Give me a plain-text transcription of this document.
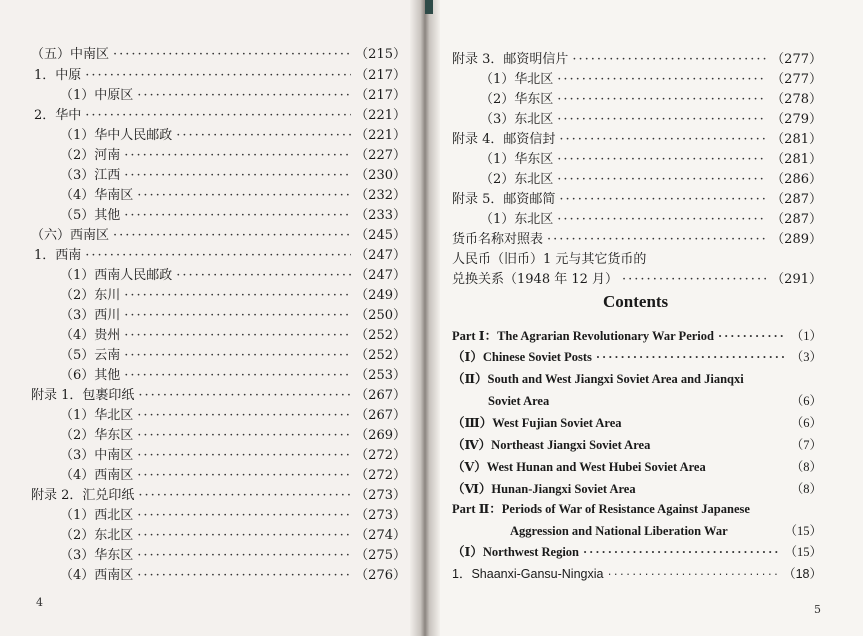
（五）中南区 ·····	（215）
1．中原 ·····	（217）
（1）中原区 ·····	（217）
2．华中 ·····	（221）
（1）华中人民邮政 ·····	（221）
（2）河南 ·····	（227）
（3）江西 ·····	（230）
（4）华南区 ·····	（232）
（5）其他 ·····	（233）
（六）西南区 ·····	（245）
1．西南 ·····	（247）
（1）西南人民邮政 ·····	（247）
（2）东川 ·····	（249）
（3）西川 ·····	（250）
（4）贵州 ·····	（252）
（5）云南 ·····	（252）
（6）其他 ·····	（253）
附录 1．包裹印纸 ·····	（267）
（1）华北区 ·····	（267）
（2）华东区 ·····	（269）
（3）中南区 ·····	（272）
（4）西南区 ·····	（272）
附录 2．汇兑印纸 ·····	（273）
（1）西北区 ·····	（273）
（2）东北区 ·····	（274）
（3）华东区 ·····	（275）
（4）西南区 ·····	（276）
4
附录 3．邮资明信片 ·····	（277）
（1）华北区 ·····	（277）
（2）华东区 ·····	（278）
（3）东北区 ·····	（279）
附录 4．邮资信封 ·····	（281）
（1）华东区 ·····	（281）
（2）东北区 ·····	（286）
附录 5．邮资邮简 ·····	（287）
（1）东北区 ·····	（287）
货币名称对照表 ·····	（289）
人民币（旧币）1 元与其它货币的
兑换关系（1948 年 12 月） ·····	（291）
Contents
Part Ⅰ：The Agrarian Revolutionary War Period ·····	（1）
（Ⅰ）Chinese Soviet Posts ·····	（3）
（Ⅱ）South and West Jiangxi Soviet Area and Jianqxi
Soviet Area	（6）
（Ⅲ）West Fujian Soviet Area	（6）
（Ⅳ）Northeast Jiangxi Soviet Area	（7）
（Ⅴ）West Hunan and West Hubei Soviet Area	（8）
（Ⅵ）Hunan-Jiangxi Soviet Area	（8）
Part Ⅱ：Periods of War of Resistance Against Japanese
Aggression and National Liberation War	（15）
（Ⅰ）Northwest Region ·····	（15）
1．Shaanxi-Gansu-Ningxia ·····	（18）
5
